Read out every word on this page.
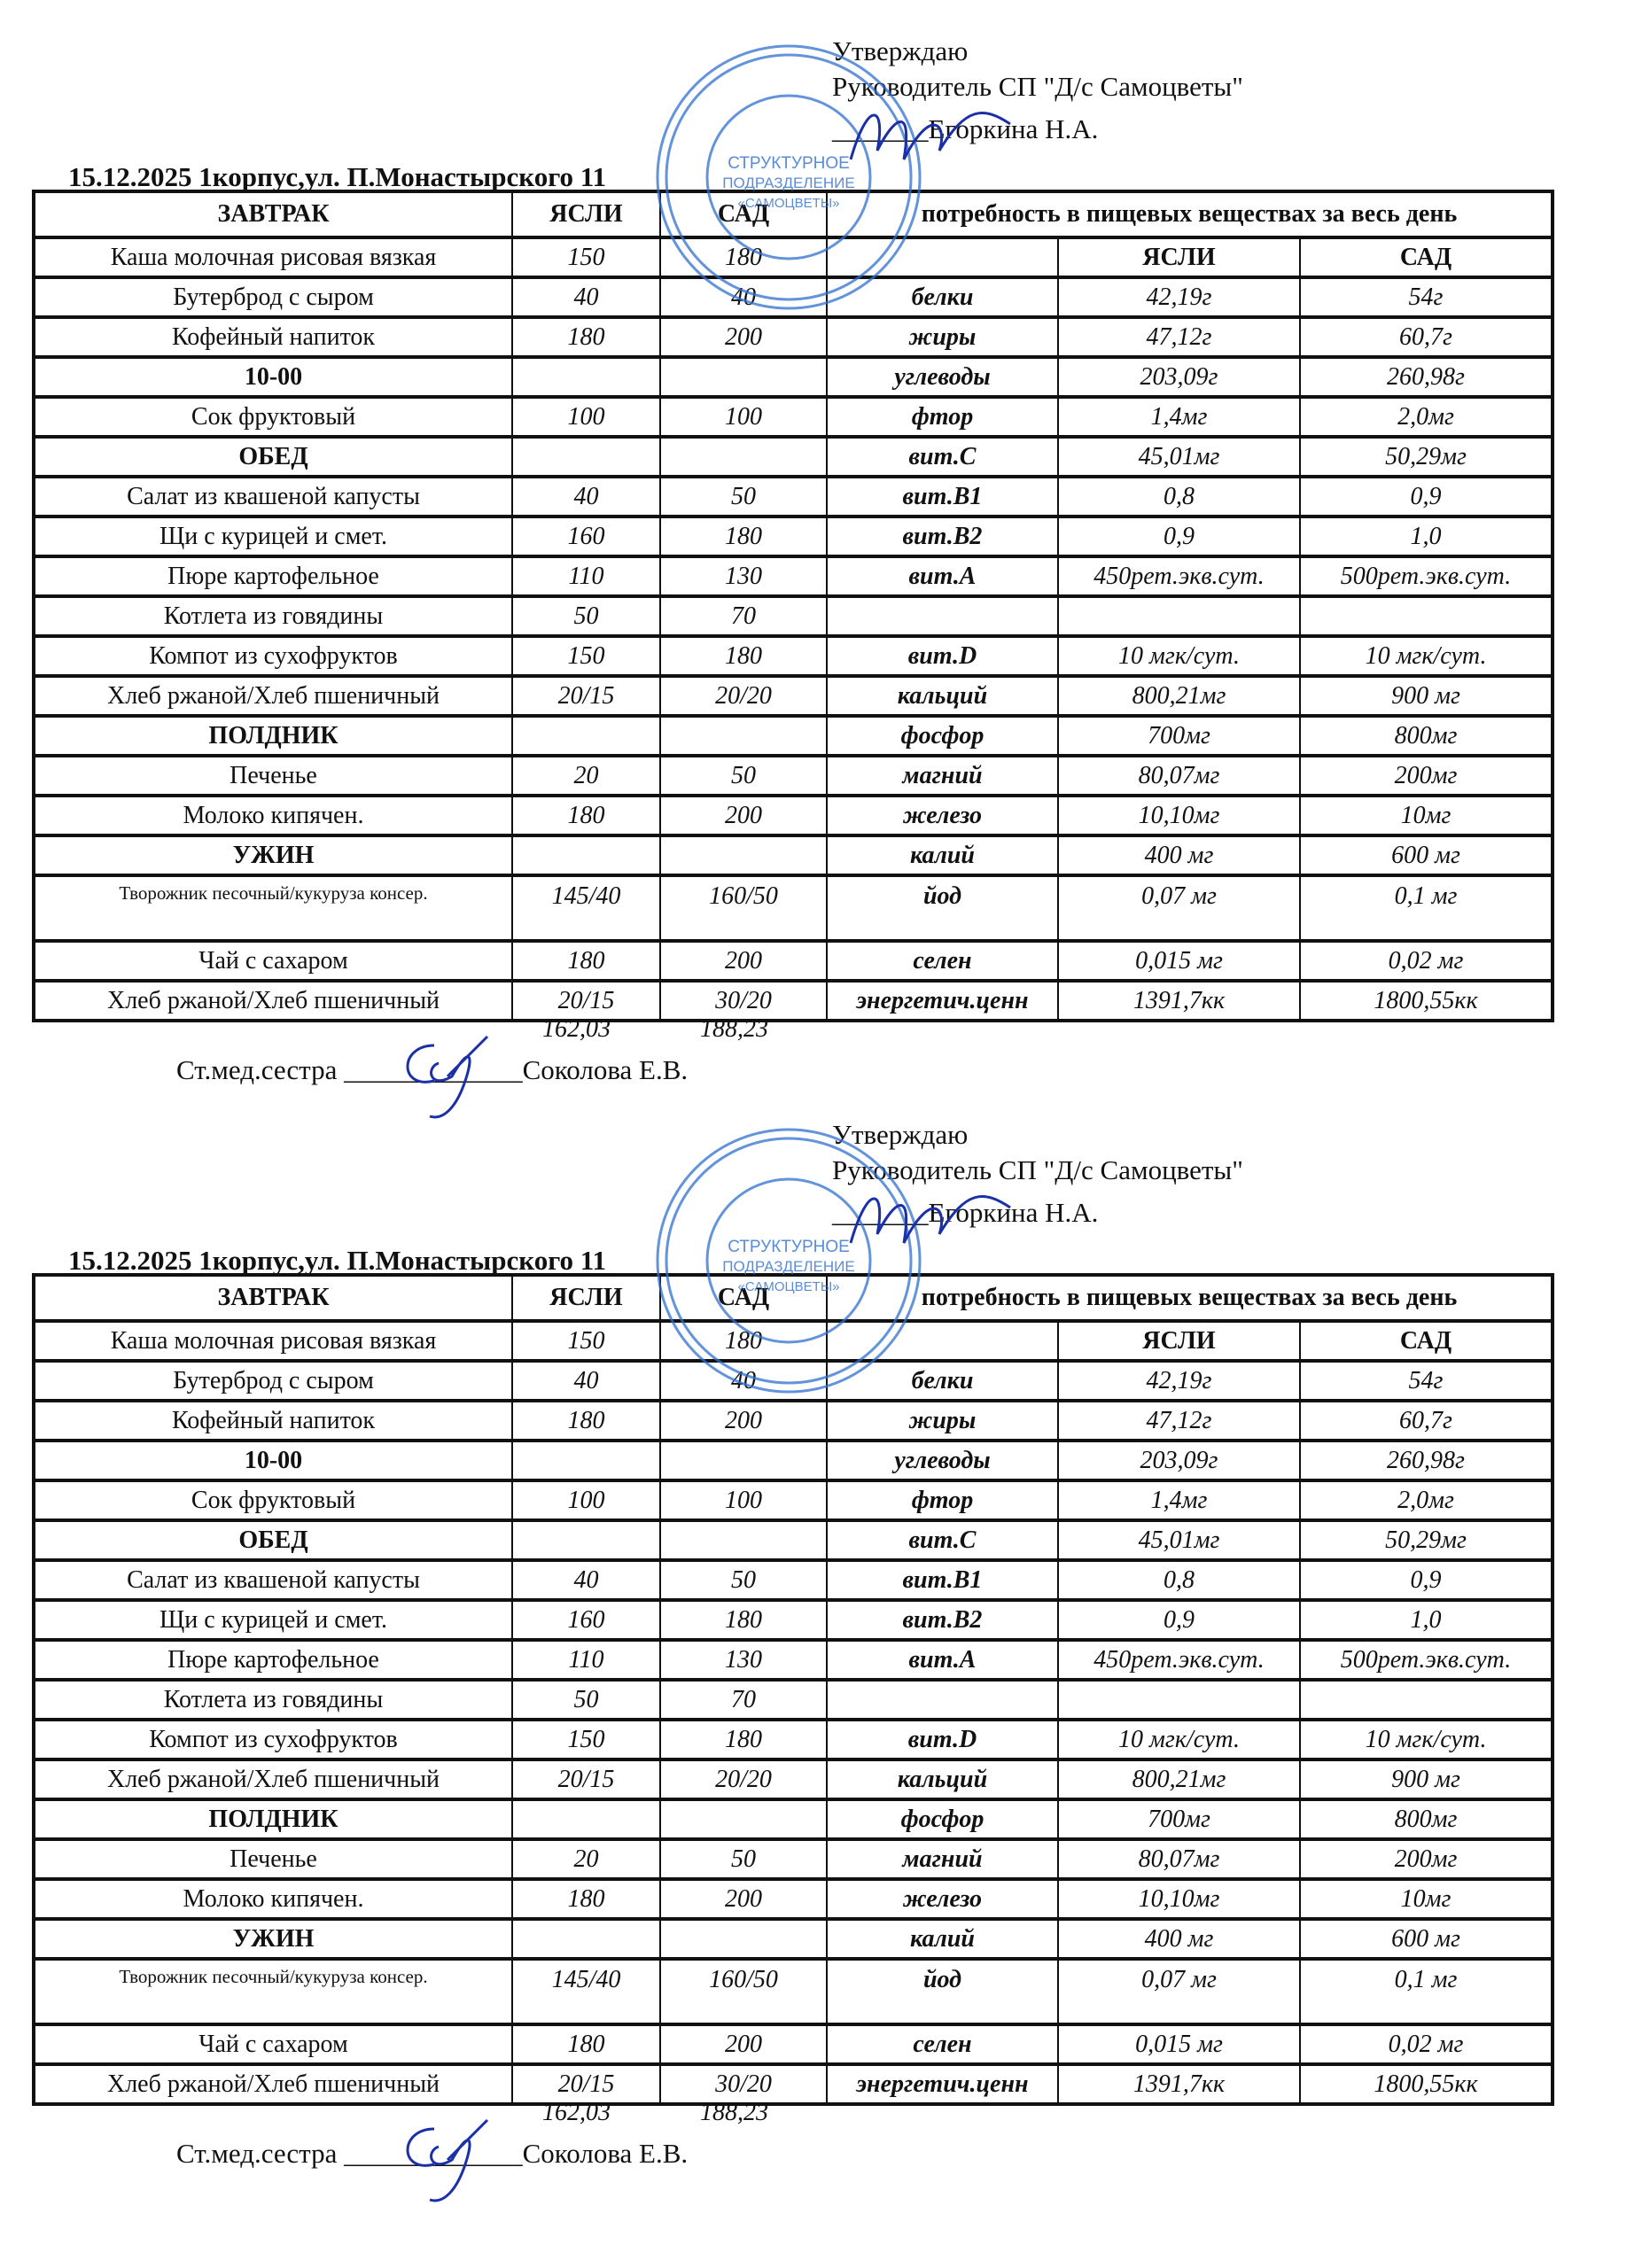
Утверждаю
Руководитель СП "Д/с Самоцветы"
_______Егоркина Н.А.
15.12.2025 1корпус,ул. П.Монастырского 11
ЗАВТРАК	ЯСЛИ	САД	потребность в пищевых веществах за весь день		
Каша молочная рисовая вязкая	150	180		ЯСЛИ	САД
Бутерброд с сыром	40	40	белки	42,19г	54г
Кофейный напиток	180	200	жиры	47,12г	60,7г
10-00			углеводы	203,09г	260,98г
Сок фруктовый	100	100	фтор	1,4мг	2,0мг
ОБЕД			вит.С	45,01мг	50,29мг
Салат из квашеной капусты	40	50	вит.В1	0,8	0,9
Щи с курицей и смет.	160	180	вит.В2	0,9	1,0
Пюре картофельное	110	130	вит.А	450рет.экв.сут.	500рет.экв.сут.
Котлета из говядины	50	70			
Компот из сухофруктов	150	180	вит.D	10 мгк/сут.	10 мгк/сут.
Хлеб ржаной/Хлеб пшеничный	20/15	20/20	кальций	800,21мг	900 мг
ПОЛДНИК			фосфор	700мг	800мг
Печенье	20	50	магний	80,07мг	200мг
Молоко кипячен.	180	200	железо	10,10мг	10мг
УЖИН			калий	400 мг	600 мг
Творожник песочный/кукуруза консер.	145/40	160/50	йод	0,07 мг	0,1 мг
Чай с сахаром	180	200	селен	0,015 мг	0,02 мг
Хлеб ржаной/Хлеб пшеничный	20/15	30/20	энергетич.ценн	1391,7кк	1800,55кк
162,03	188,23
Ст.мед.сестра _____________Соколова Е.В.
СТРУКТУРНОЕ
ПОДРАЗДЕЛЕНИЕ
«САМОЦВЕТЫ»
Утверждаю
Руководитель СП "Д/с Самоцветы"
_______Егоркина Н.А.
15.12.2025 1корпус,ул. П.Монастырского 11
ЗАВТРАК	ЯСЛИ	САД	потребность в пищевых веществах за весь день		
Каша молочная рисовая вязкая	150	180		ЯСЛИ	САД
Бутерброд с сыром	40	40	белки	42,19г	54г
Кофейный напиток	180	200	жиры	47,12г	60,7г
10-00			углеводы	203,09г	260,98г
Сок фруктовый	100	100	фтор	1,4мг	2,0мг
ОБЕД			вит.С	45,01мг	50,29мг
Салат из квашеной капусты	40	50	вит.В1	0,8	0,9
Щи с курицей и смет.	160	180	вит.В2	0,9	1,0
Пюре картофельное	110	130	вит.А	450рет.экв.сут.	500рет.экв.сут.
Котлета из говядины	50	70			
Компот из сухофруктов	150	180	вит.D	10 мгк/сут.	10 мгк/сут.
Хлеб ржаной/Хлеб пшеничный	20/15	20/20	кальций	800,21мг	900 мг
ПОЛДНИК			фосфор	700мг	800мг
Печенье	20	50	магний	80,07мг	200мг
Молоко кипячен.	180	200	железо	10,10мг	10мг
УЖИН			калий	400 мг	600 мг
Творожник песочный/кукуруза консер.	145/40	160/50	йод	0,07 мг	0,1 мг
Чай с сахаром	180	200	селен	0,015 мг	0,02 мг
Хлеб ржаной/Хлеб пшеничный	20/15	30/20	энергетич.ценн	1391,7кк	1800,55кк
162,03	188,23
Ст.мед.сестра _____________Соколова Е.В.
СТРУКТУРНОЕ
ПОДРАЗДЕЛЕНИЕ
«САМОЦВЕТЫ»
